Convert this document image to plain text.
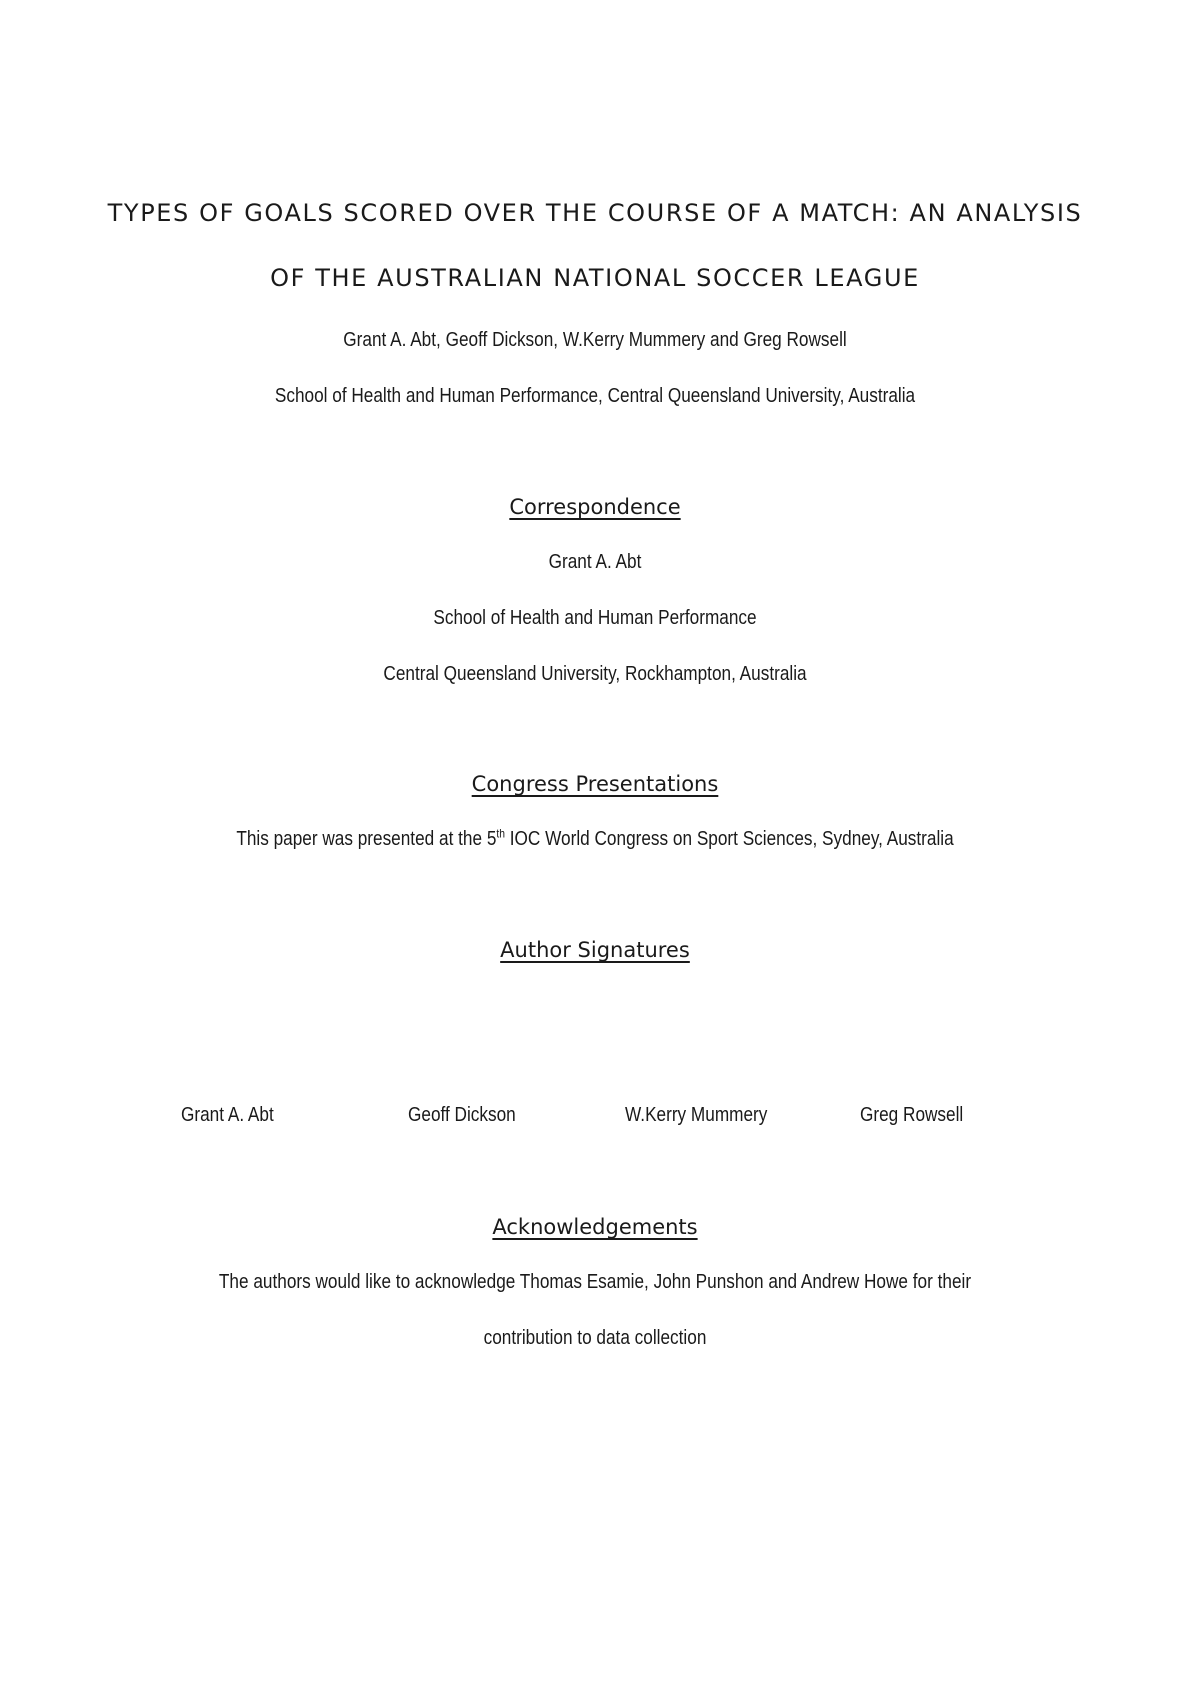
TYPES OF GOALS SCORED OVER THE COURSE OF A MATCH: AN ANALYSIS
OF THE AUSTRALIAN NATIONAL SOCCER LEAGUE
Grant A. Abt, Geoff Dickson, W.Kerry Mummery and Greg Rowsell
School of Health and Human Performance, Central Queensland University, Australia
Correspondence
Grant A. Abt
School of Health and Human Performance
Central Queensland University, Rockhampton, Australia
Congress Presentations
This paper was presented at the 5th IOC World Congress on Sport Sciences, Sydney, Australia
Author Signatures
Grant A. Abt	Geoff Dickson	W.Kerry Mummery	Greg Rowsell
Acknowledgements
The authors would like to acknowledge Thomas Esamie, John Punshon and Andrew Howe for their
contribution to data collection
